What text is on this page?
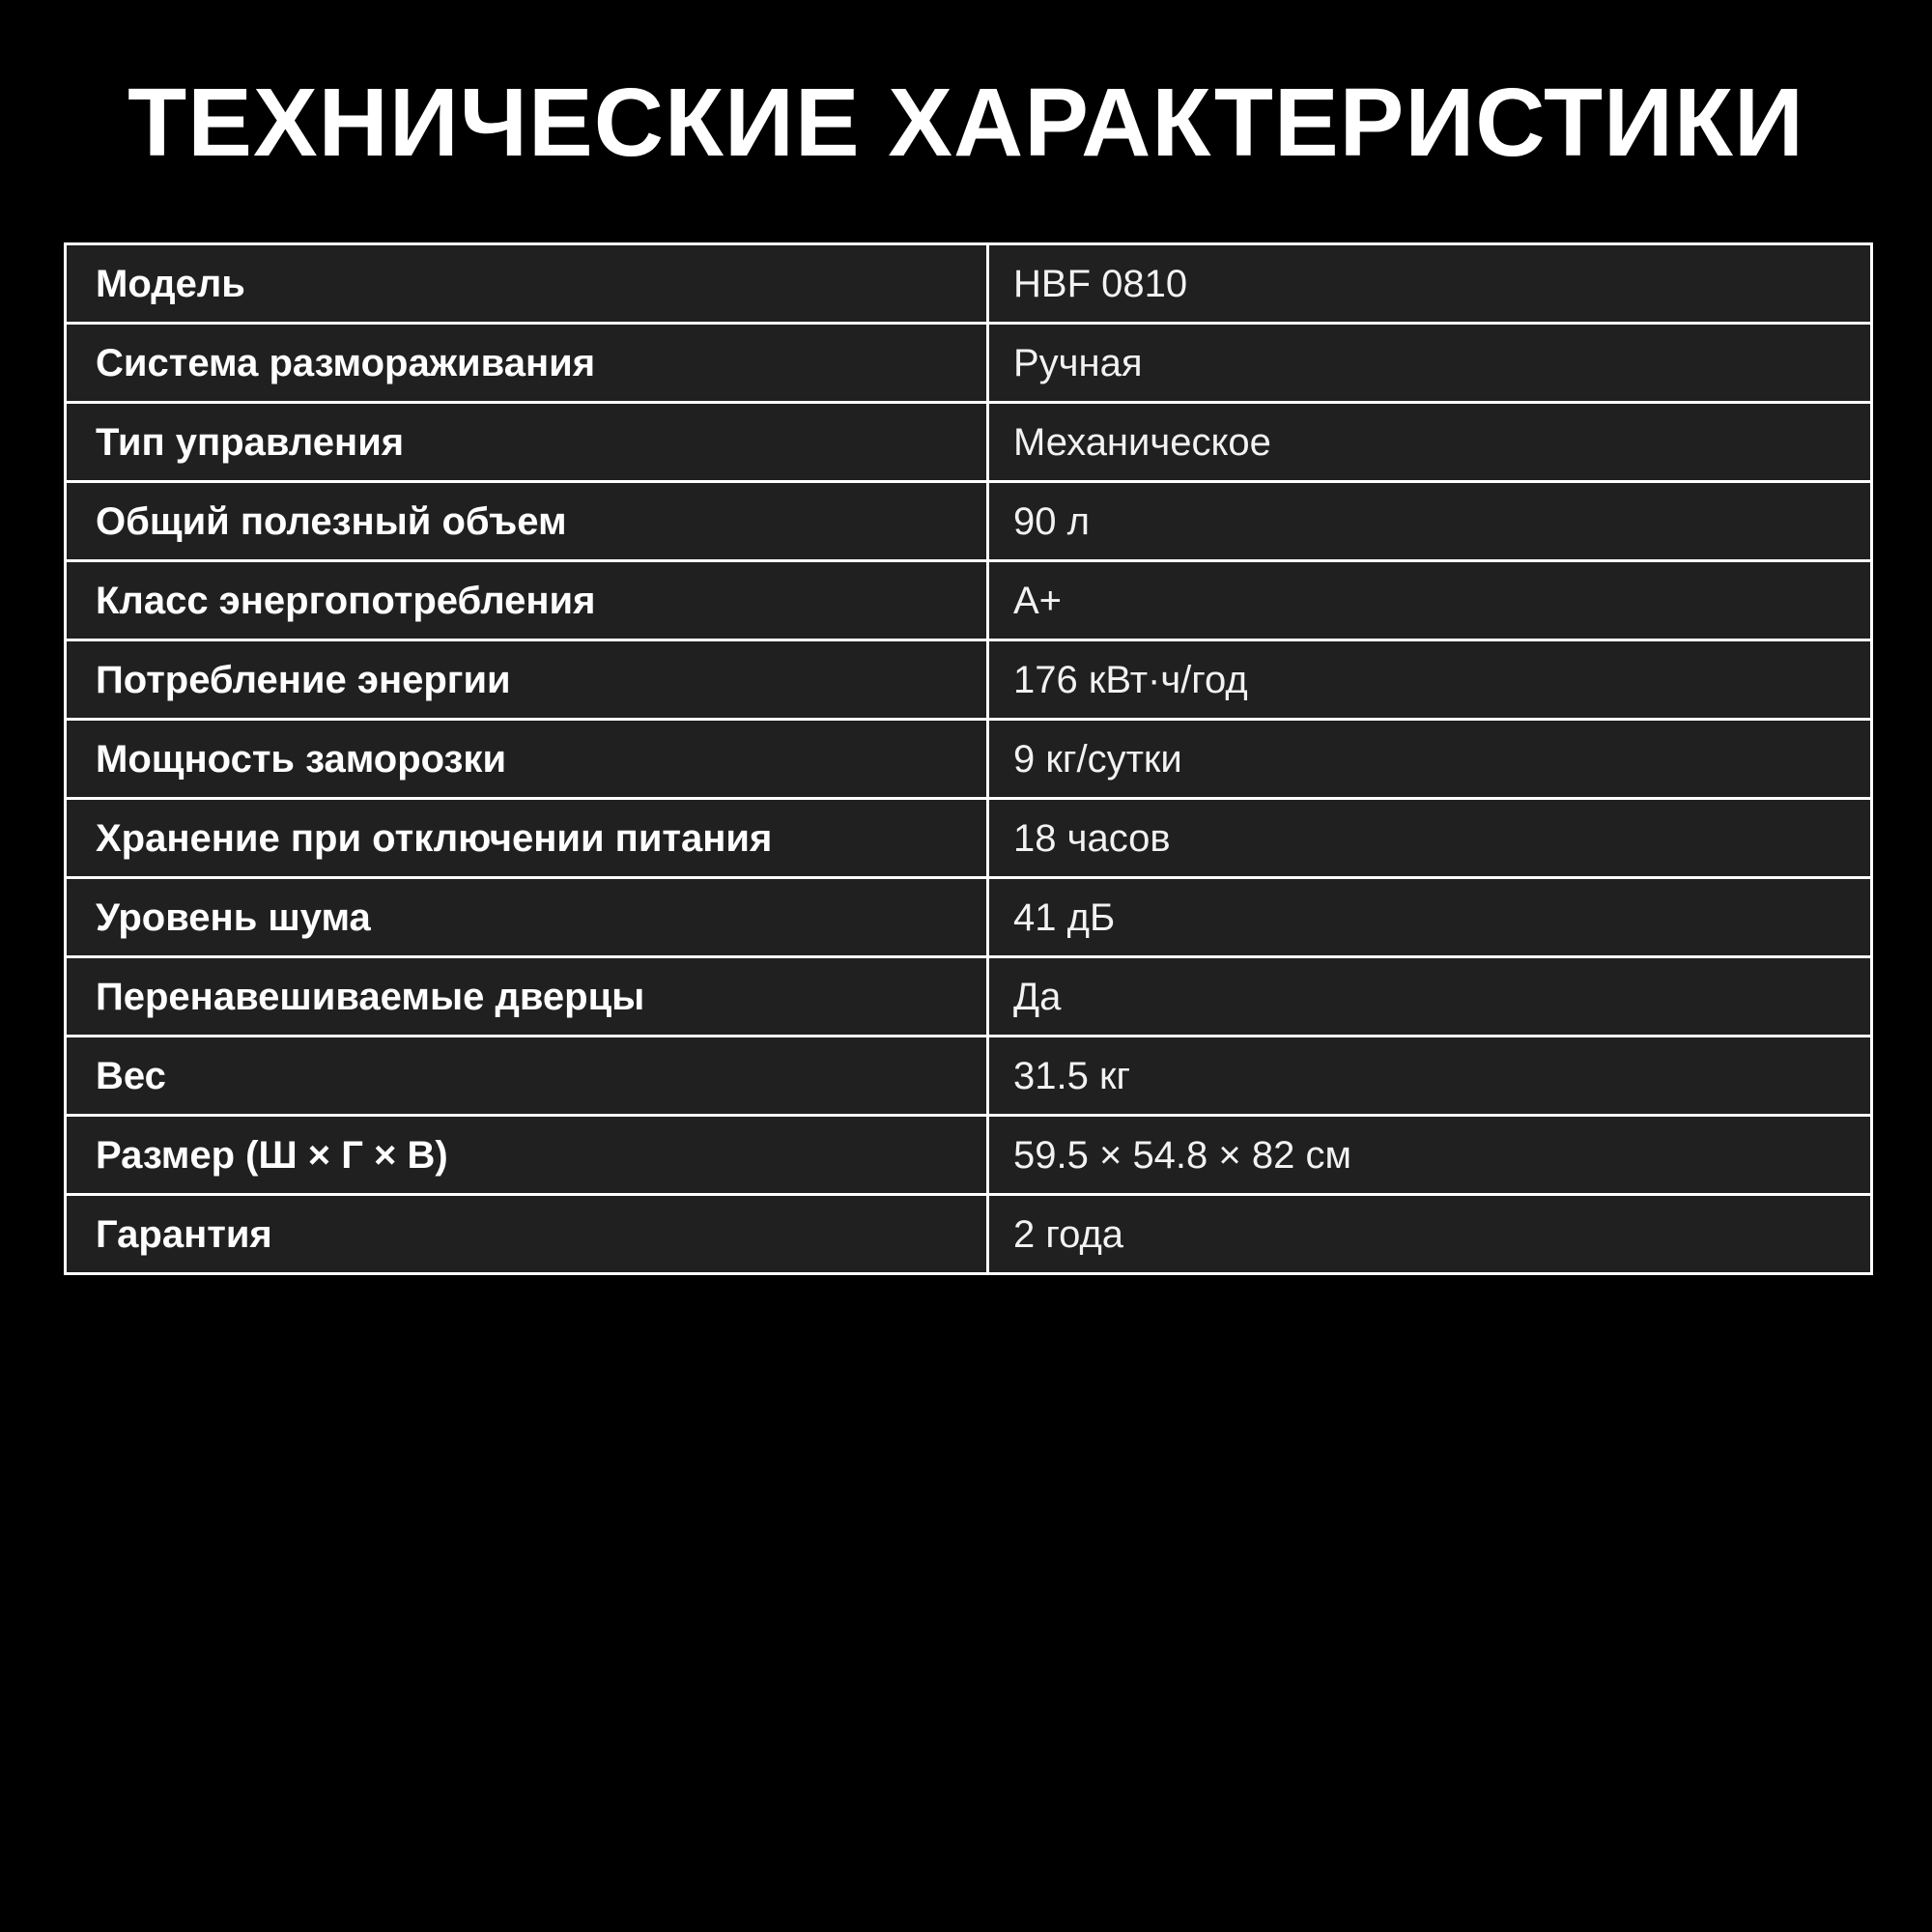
ТЕХНИЧЕСКИЕ ХАРАКТЕРИСТИКИ
Модель	HBF 0810
Система размораживания	Ручная
Тип управления	Механическое
Общий полезный объем	90 л
Класс энергопотребления	A+
Потребление энергии	176 кВт·ч/год
Мощность заморозки	9 кг/сутки
Хранение при отключении питания	18 часов
Уровень шума	41 дБ
Перенавешиваемые дверцы	Да
Вес	31.5 кг
Размер (Ш × Г × В)	59.5 × 54.8 × 82 см
Гарантия	2 года
